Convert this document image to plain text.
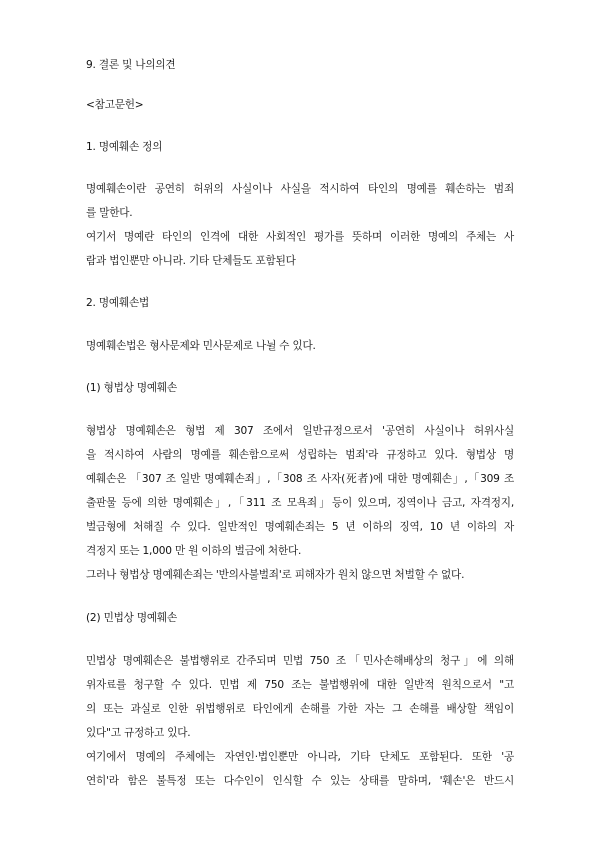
9. 결론 및 나의의견
<참고문헌>
1. 명예훼손 정의
명예훼손이란 공연히 허위의 사실이나 사실을 적시하여 타인의 명예를 훼손하는 범죄
를 말한다.
여기서 명예란 타인의 인격에 대한 사회적인 평가를 뜻하며 이러한 명예의 주체는 사
람과 법인뿐만 아니라. 기타 단체들도 포함된다
2. 명예훼손법
명예훼손법은 형사문제와 민사문제로 나뉠 수 있다.
(1) 형법상 명예훼손
형법상 명예훼손은 형법 제 307 조에서 일반규정으로서 '공연히 사실이나 허위사실
을 적시하여 사람의 명예를 훼손함으로써 성립하는 범죄'라 규정하고 있다. 형법상 명
예훼손은 「307 조 일반 명예훼손죄」,「308 조 사자(死者)에 대한 명예훼손」,「309 조
출판물 등에 의한 명예훼손」,「311 조 모욕죄」등이 있으며, 징역이나 금고, 자격정지,
벌금형에 처해질 수 있다. 일반적인 명예훼손죄는 5 년 이하의 징역, 10 년 이하의 자
격정지 또는 1,000 만 원 이하의 벌금에 처한다.
그러나 형법상 명예훼손죄는 '반의사불벌죄'로 피해자가 원치 않으면 처벌할 수 없다.
(2) 민법상 명예훼손
민법상 명예훼손은 불법행위로 간주되며 민법 750 조「민사손해배상의 청구」에 의해
위자료를 청구할 수 있다. 민법 제 750 조는 불법행위에 대한 일반적 원칙으로서 "고
의 또는 과실로 인한 위법행위로 타인에게 손해를 가한 자는 그 손해를 배상할 책임이
있다"고 규정하고 있다.
여기에서 명예의 주체에는 자연인·법인뿐만 아니라, 기타 단체도 포함된다. 또한 '공
연히'라 함은 불특정 또는 다수인이 인식할 수 있는 상태를 말하며, '훼손'은 반드시
